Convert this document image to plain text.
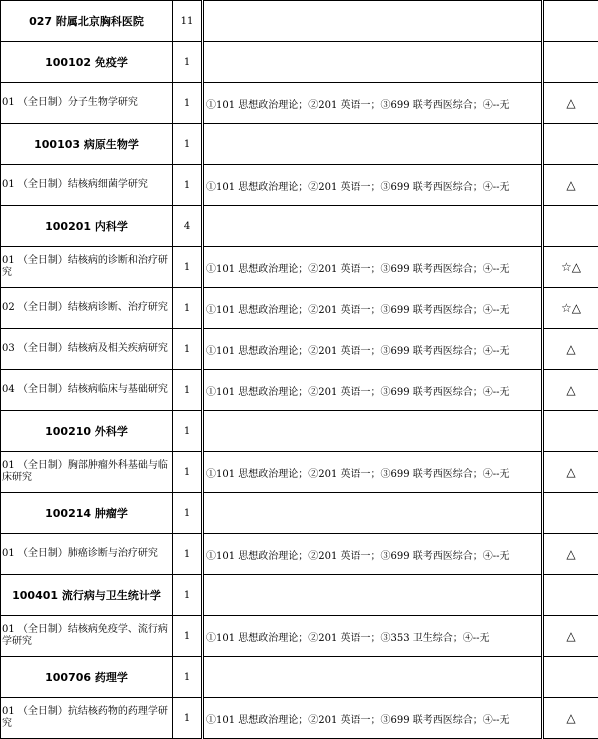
027 附属北京胸科医院	11		
100102 免疫学	1		
01 （全日制）分子生物学研究	1	①101 思想政治理论；②201 英语一；③699 联考西医综合；④--无	△
100103 病原生物学	1		
01 （全日制）结核病细菌学研究	1	①101 思想政治理论；②201 英语一；③699 联考西医综合；④--无	△
100201 内科学	4		
01 （全日制）结核病的诊断和治疗研究	1	①101 思想政治理论；②201 英语一；③699 联考西医综合；④--无	☆△
02 （全日制）结核病诊断、治疗研究	1	①101 思想政治理论；②201 英语一；③699 联考西医综合；④--无	☆△
03 （全日制）结核病及相关疾病研究	1	①101 思想政治理论；②201 英语一；③699 联考西医综合；④--无	△
04 （全日制）结核病临床与基础研究	1	①101 思想政治理论；②201 英语一；③699 联考西医综合；④--无	△
100210 外科学	1		
01 （全日制）胸部肿瘤外科基础与临床研究	1	①101 思想政治理论；②201 英语一；③699 联考西医综合；④--无	△
100214 肿瘤学	1		
01 （全日制）肺癌诊断与治疗研究	1	①101 思想政治理论；②201 英语一；③699 联考西医综合；④--无	△
100401 流行病与卫生统计学	1		
01 （全日制）结核病免疫学、流行病学研究	1	①101 思想政治理论；②201 英语一；③353 卫生综合；④--无	△
100706 药理学	1		
01 （全日制）抗结核药物的药理学研究	1	①101 思想政治理论；②201 英语一；③699 联考西医综合；④--无	△
